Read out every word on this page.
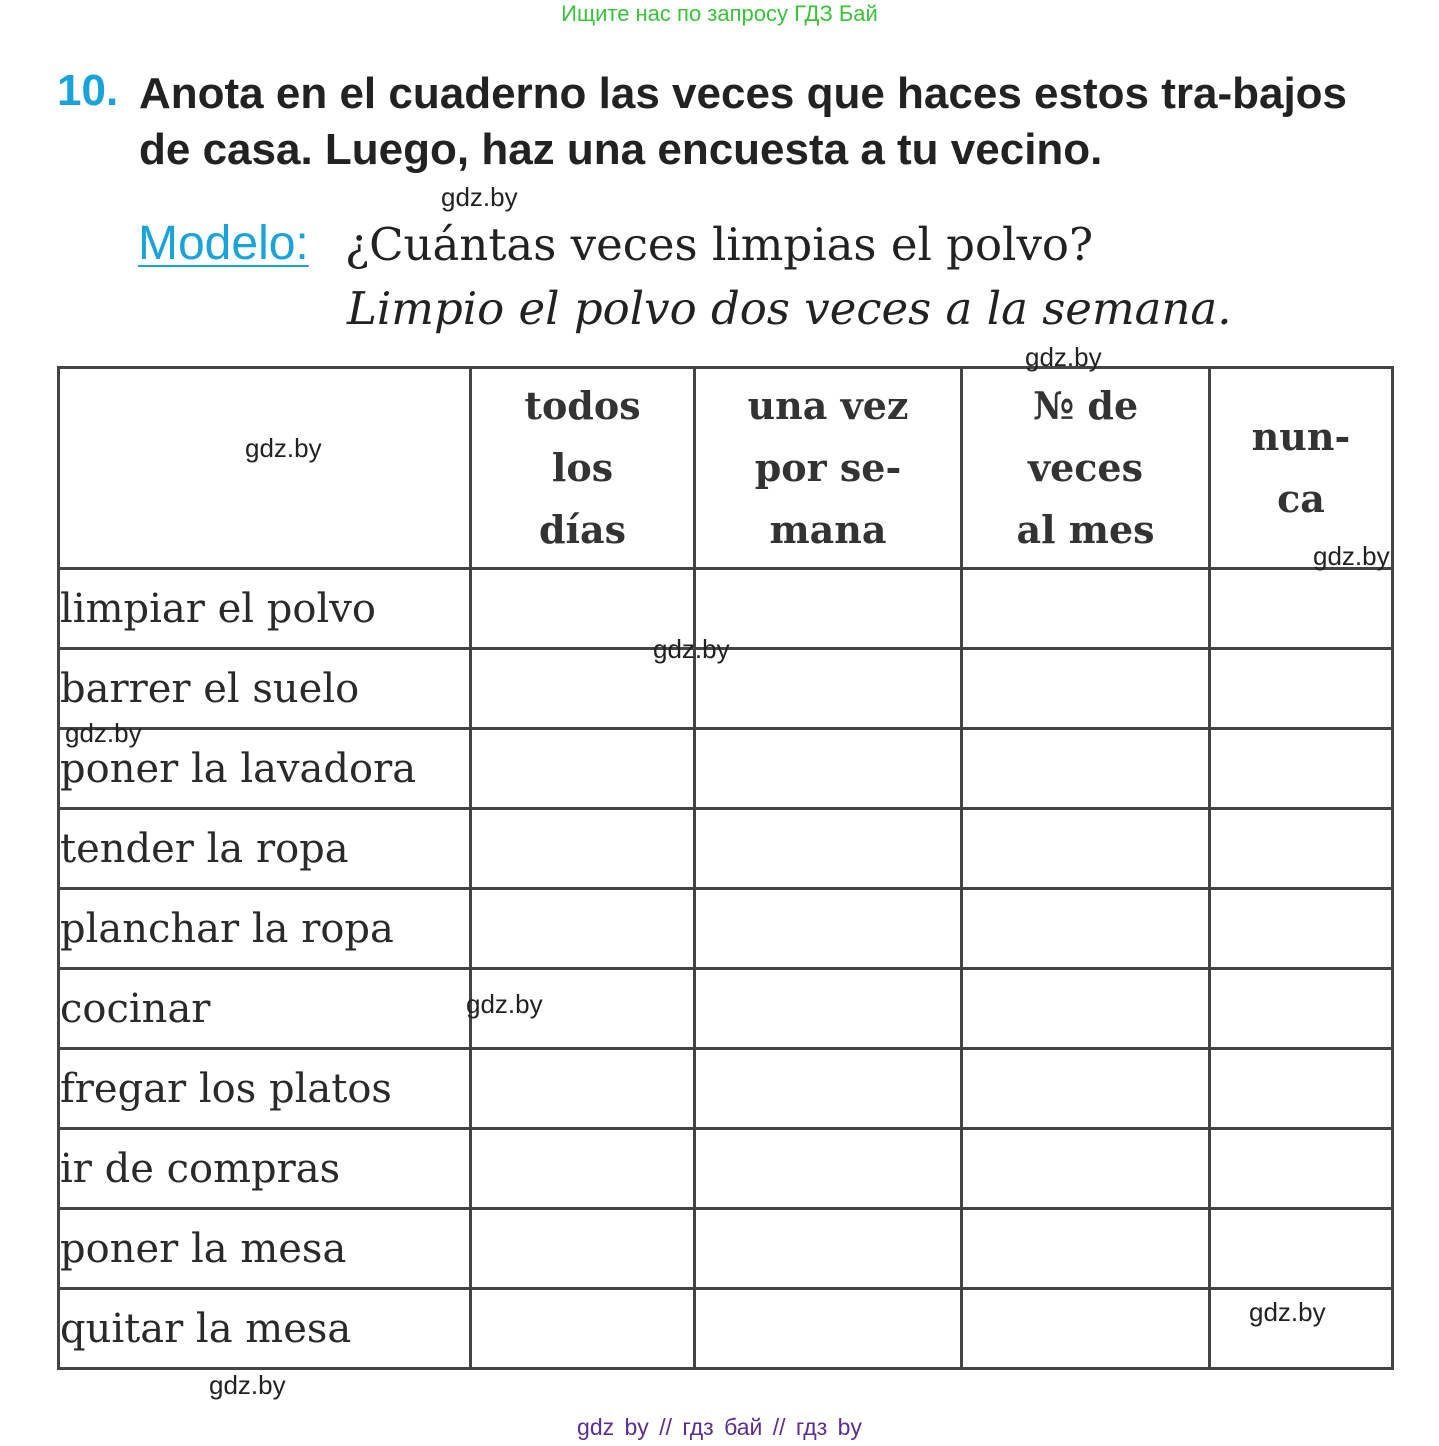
Ищите нас по запросу ГДЗ Бай
10. Anota en el cuaderno las veces que haces estos tra-bajos de casa. Luego, haz una encuesta a tu vecino.
Modelo: ¿Cuántas veces limpias el polvo?
Limpio el polvo dos veces a la semana.

	todos los días	una vez por se-mana	№ de veces al mes	nun-ca

limpiar el polvo				
barrer el suelo				
poner la lavadora				
tender la ropa				
planchar la ropa				
cocinar				
fregar los platos				
ir de compras				
poner la mesa				
quitar la mesa				
gdz.by
gdz.by
gdz.by
gdz.by
gdz.by
gdz.by
gdz.by
gdz.by
gdz.by
gdz by // гдз бай // гдз by
